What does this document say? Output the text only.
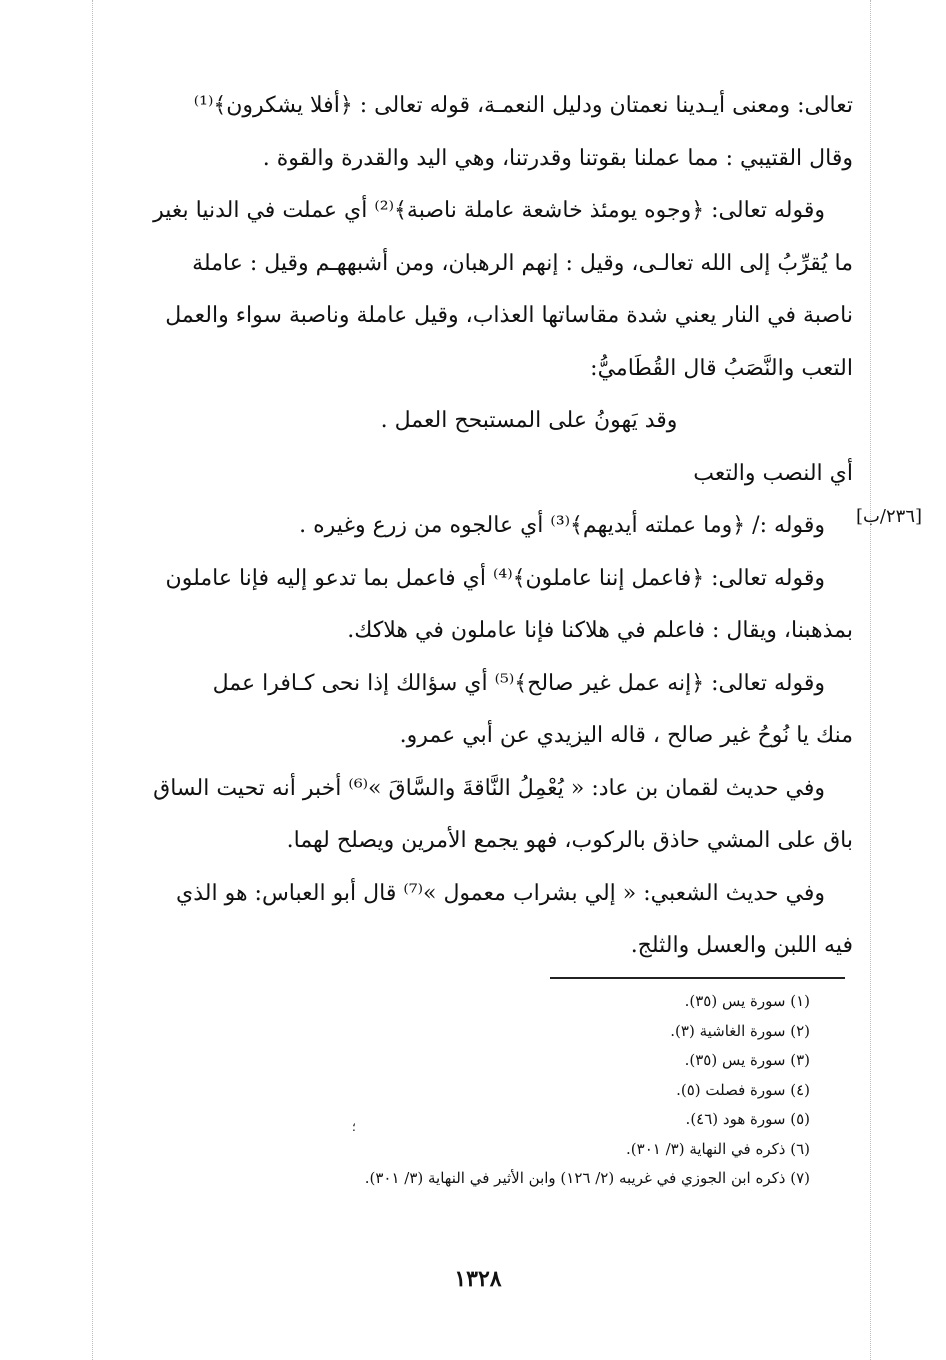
تعالى: ومعنى أيـدينا نعمتان ودليل النعمـة، قوله تعالى : ﴿أفلا يشكرون﴾⁽¹⁾
وقال القتيبي : مما عملنا بقوتنا وقدرتنا، وهي اليد والقدرة والقوة .
وقوله تعالى: ﴿وجوه يومئذ خاشعة عاملة ناصبة﴾⁽²⁾ أي عملت في الدنيا بغير
ما يُقرِّبُ إلى الله تعالـى، وقيل : إنهم الرهبان، ومن أشبههـم وقيل : عاملة
ناصبة في النار يعني شدة مقاساتها العذاب، وقيل عاملة وناصبة سواء والعمل
التعب والنَّصَبُ قال القُطَاميُّ:
وقد يَهونُ على المستبحح العمل .
أي النصب والتعب
وقوله :/ ﴿وما عملته أيديهم﴾⁽³⁾ أي عالجوه من زرع وغيره .
وقوله تعالى: ﴿فاعمل إننا عاملون﴾⁽⁴⁾ أي فاعمل بما تدعو إليه فإنا عاملون
بمذهبنا، ويقال : فاعلم في هلاكنا فإنا عاملون في هلاكك.
وقوله تعالى: ﴿إنه عمل غير صالح﴾⁽⁵⁾ أي سؤالك إذا نحى كـافرا عمل
منك يا نُوحُ غير صالح ، قاله اليزيدي عن أبي عمرو.
وفي حديث لقمان بن عاد: « يُعْمِلُ النَّاقةَ والسَّاقَ »⁽⁶⁾ أخبر أنه تحيت الساق
باق على المشي حاذق بالركوب، فهو يجمع الأمرين ويصلح لهما.
وفي حديث الشعبي: « إلي بشراب معمول »⁽⁷⁾ قال أبو العباس: هو الذي
فيه اللبن والعسل والثلج.
[٢٣٦/ب]
(١) سورة يس (٣٥).
(٢) سورة الغاشية (٣).
(٣) سورة يس (٣٥).
(٤) سورة فصلت (٥).
(٥) سورة هود (٤٦).
(٦) ذكره في النهاية (٣/ ٣٠١).
(٧) ذكره ابن الجوزي في غريبه (٢/ ١٢٦) وابن الأثير في النهاية (٣/ ٣٠١).
؛
١٣٢٨
